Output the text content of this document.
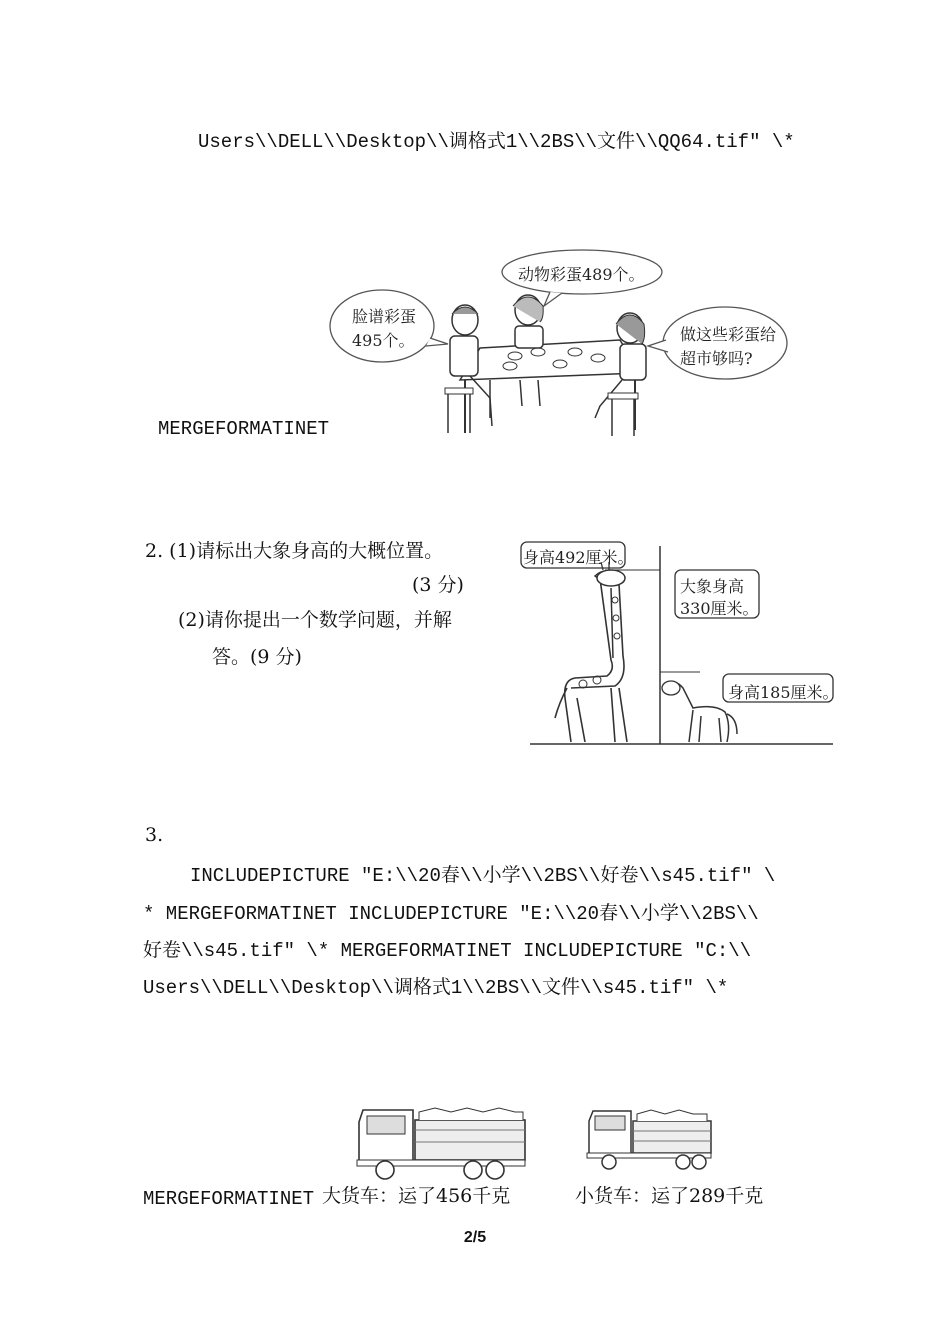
Users\\DELL\\Desktop\\调格式1\\2BS\\文件\\QQ64.tif" \*
脸谱彩蛋
495个。
动物彩蛋489个。
做这些彩蛋给
超市够吗?
MERGEFORMATINET
2. (1)请标出大象身高的大概位置。
(3 分)
(2)请你提出一个数学问题，并解
答。(9 分)
身高492厘米。
大象身高
330厘米。
身高185厘米。
3.
INCLUDEPICTURE "E:\\20春\\小学\\2BS\\好卷\\s45.tif" \
* MERGEFORMATINET INCLUDEPICTURE "E:\\20春\\小学\\2BS\\
好卷\\s45.tif" \* MERGEFORMATINET INCLUDEPICTURE "C:\\
Users\\DELL\\Desktop\\调格式1\\2BS\\文件\\s45.tif" \*
MERGEFORMATINET 大货车：运了456千克	小货车：运了289千克
2/5
